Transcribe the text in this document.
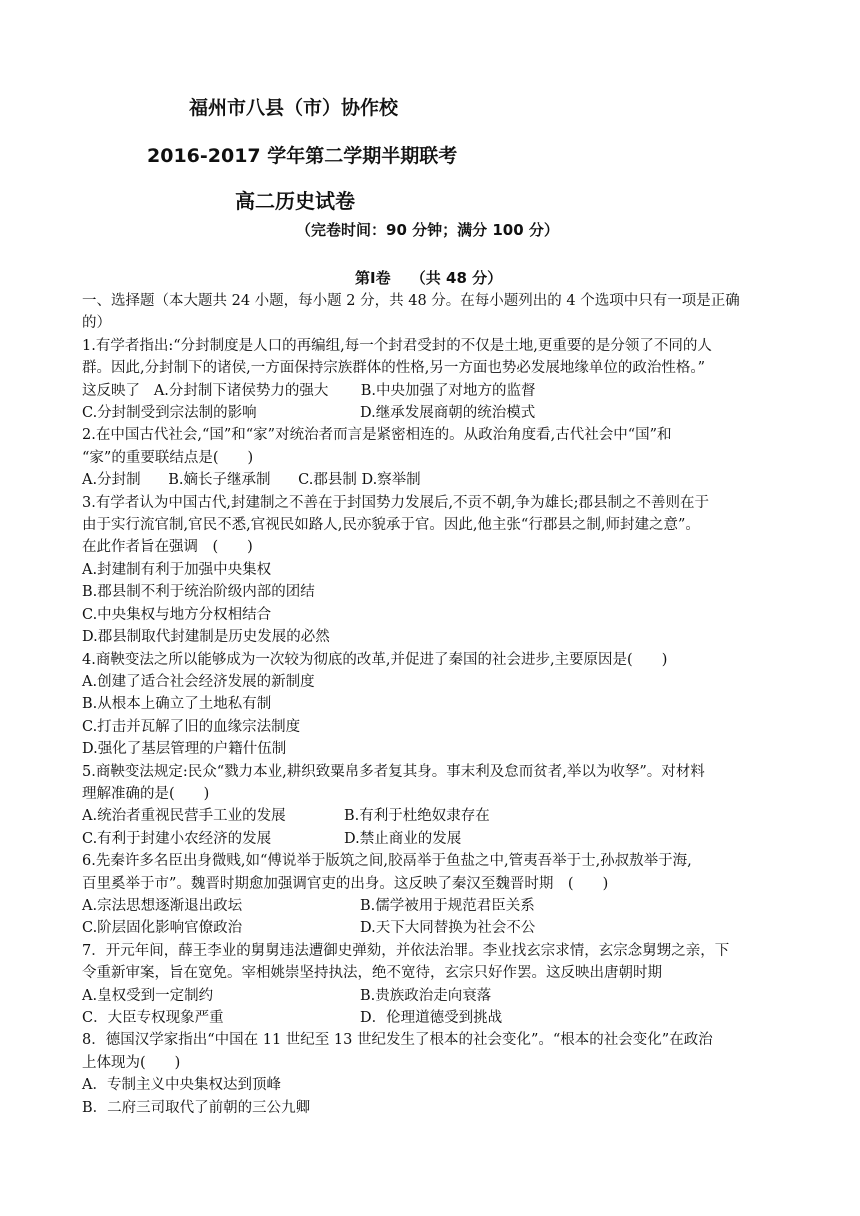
福州市八县（市）协作校
2016-2017 学年第二学期半期联考
高二历史试卷
（完卷时间：90 分钟；满分 100 分）
第Ⅰ卷　 （共 48 分）

一、选择题（本大题共 24 小题，每小题 2 分，共 48 分。在每小题列出的 4 个选项中只有一项是正确

的）

1.有学者指出:“分封制度是人口的再编组,每一个封君受封的不仅是土地,更重要的是分领了不同的人

群。因此,分封制下的诸侯,一方面保持宗族群体的性格,另一方面也势必发展地缘单位的政治性格。”

这反映了 A.分封制下诸侯势力的强大 B.中央加强了对地方的监督

C.分封制受到宗法制的影响	D.继承发展商朝的统治模式

2.在中国古代社会,“国”和“家”对统治者而言是紧密相连的。从政治角度看,古代社会中“国”和

“家”的重要联结点是(　　)

A.分封制 B.嫡长子继承制 C.郡县制 D.察举制

3.有学者认为中国古代,封建制之不善在于封国势力发展后,不贡不朝,争为雄长;郡县制之不善则在于

由于实行流官制,官民不悉,官视民如路人,民亦貌承于官。因此,他主张“行郡县之制,师封建之意”。

在此作者旨在强调　(　　)

A.封建制有利于加强中央集权

B.郡县制不利于统治阶级内部的团结

C.中央集权与地方分权相结合

D.郡县制取代封建制是历史发展的必然

4.商鞅变法之所以能够成为一次较为彻底的改革,并促进了秦国的社会进步,主要原因是(　　)

A.创建了适合社会经济发展的新制度

B.从根本上确立了土地私有制

C.打击并瓦解了旧的血缘宗法制度

D.强化了基层管理的户籍什伍制

5.商鞅变法规定:民众“戮力本业,耕织致粟帛多者复其身。事末利及怠而贫者,举以为收孥”。对材料

理解准确的是(　　)

A.统治者重视民营手工业的发展	B.有利于杜绝奴隶存在

C.有利于封建小农经济的发展	D.禁止商业的发展

6.先秦许多名臣出身微贱,如“傅说举于版筑之间,胶鬲举于鱼盐之中,管夷吾举于士,孙叔敖举于海,

百里奚举于市”。魏晋时期愈加强调官吏的出身。这反映了秦汉至魏晋时期　(　　)

A.宗法思想逐渐退出政坛	B.儒学被用于规范君臣关系

C.阶层固化影响官僚政治	D.天下大同替换为社会不公

7．开元年间，薛王李业的舅舅违法遭御史弹劾，并依法治罪。李业找玄宗求情，玄宗念舅甥之亲，下

令重新审案，旨在宽免。宰相姚崇坚持执法，绝不宽待，玄宗只好作罢。这反映出唐朝时期

A.皇权受到一定制约	B.贵族政治走向衰落

C．大臣专权现象严重	D．伦理道德受到挑战

8．德国汉学家指出“中国在 11 世纪至 13 世纪发生了根本的社会变化”。“根本的社会变化”在政治

上体现为(　　)

A．专制主义中央集权达到顶峰

B．二府三司取代了前朝的三公九卿
